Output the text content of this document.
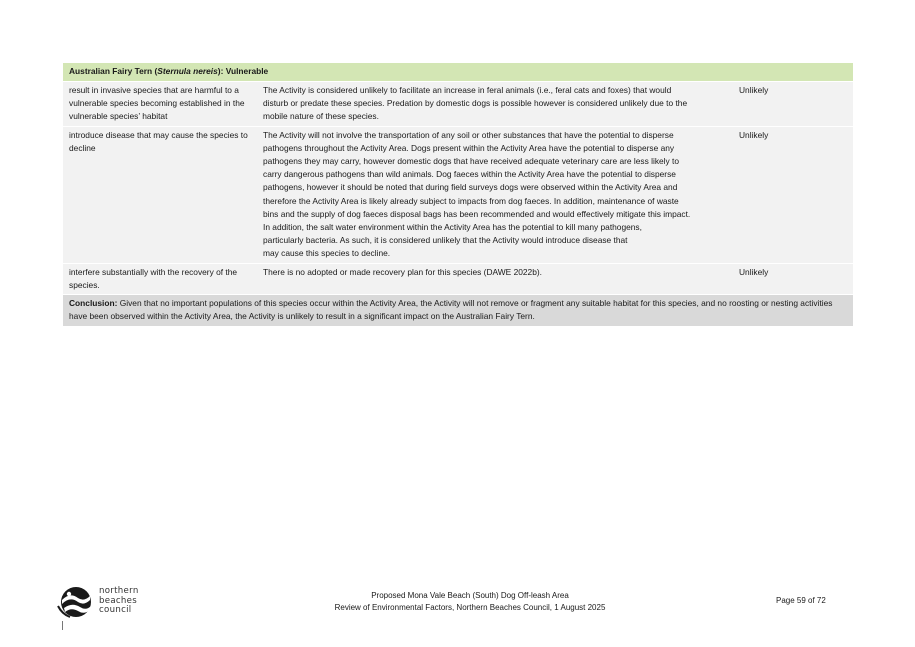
Australian Fairy Tern (Sternula nereis): Vulnerable
result in invasive species that are harmful to a vulnerable species becoming established in the vulnerable species’ habitat
The Activity is considered unlikely to facilitate an increase in feral animals (i.e., feral cats and foxes) that would
disturb or predate these species. Predation by domestic dogs is possible however is considered unlikely due to the
mobile nature of these species.
Unlikely
introduce disease that may cause the species to decline
The Activity will not involve the transportation of any soil or other substances that have the potential to disperse
pathogens throughout the Activity Area. Dogs present within the Activity Area have the potential to disperse any
pathogens they may carry, however domestic dogs that have received adequate veterinary care are less likely to
carry dangerous pathogens than wild animals. Dog faeces within the Activity Area have the potential to disperse
pathogens, however it should be noted that during field surveys dogs were observed within the Activity Area and
therefore the Activity Area is likely already subject to impacts from dog faeces. In addition, maintenance of waste
bins and the supply of dog faeces disposal bags has been recommended and would effectively mitigate this impact.
In addition, the salt water environment within the Activity Area has the potential to kill many pathogens,
particularly bacteria. As such, it is considered unlikely that the Activity would introduce disease that
may cause this species to decline.
Unlikely
interfere substantially with the recovery of the species.
There is no adopted or made recovery plan for this species (DAWE 2022b).	Unlikely
Conclusion: Given that no important populations of this species occur within the Activity Area, the Activity will not remove or fragment any suitable habitat for this species, and no roosting or nesting activities have been observed within the Activity Area, the Activity is unlikely to result in a significant impact on the Australian Fairy Tern.
northern
beaches
council
Proposed Mona Vale Beach (South) Dog Off-leash Area
Review of Environmental Factors, Northern Beaches Council, 1 August 2025
Page 59 of 72
